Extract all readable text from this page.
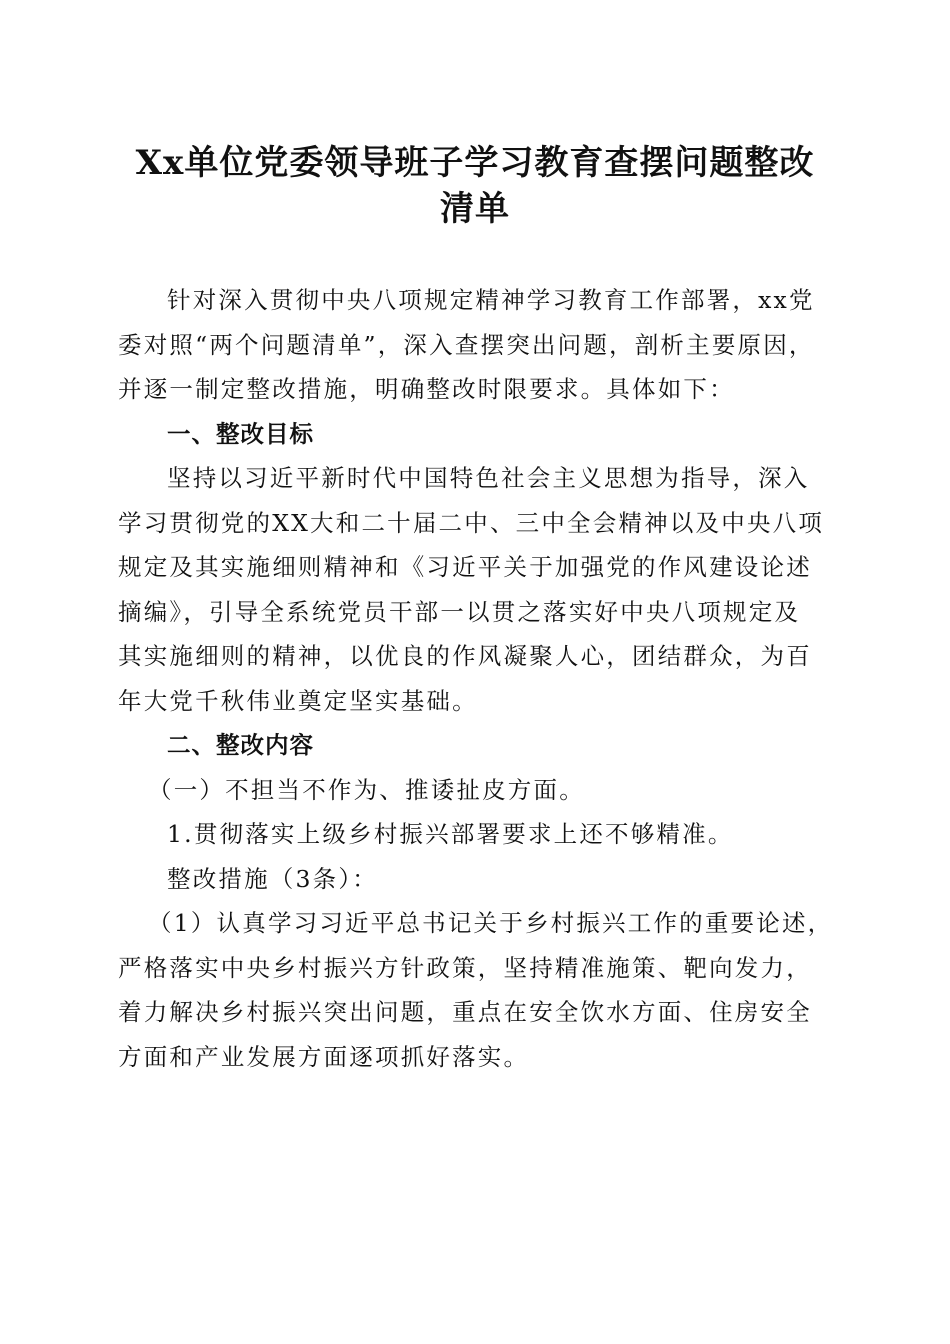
Xx单位党委领导班子学习教育查摆问题整改
清单
针对深入贯彻中央八项规定精神学习教育工作部署，xx党
委对照“两个问题清单”，深入查摆突出问题，剖析主要原因，
并逐一制定整改措施，明确整改时限要求。具体如下：
一、整改目标
坚持以习近平新时代中国特色社会主义思想为指导，深入
学习贯彻党的XX大和二十届二中、三中全会精神以及中央八项
规定及其实施细则精神和《习近平关于加强党的作风建设论述
摘编》，引导全系统党员干部一以贯之落实好中央八项规定及
其实施细则的精神，以优良的作风凝聚人心，团结群众，为百
年大党千秋伟业奠定坚实基础。
二、整改内容
（一）不担当不作为、推诿扯皮方面。
1.贯彻落实上级乡村振兴部署要求上还不够精准。
整改措施（3条）：
（1）认真学习习近平总书记关于乡村振兴工作的重要论述，
严格落实中央乡村振兴方针政策，坚持精准施策、靶向发力，
着力解决乡村振兴突出问题，重点在安全饮水方面、住房安全
方面和产业发展方面逐项抓好落实。
